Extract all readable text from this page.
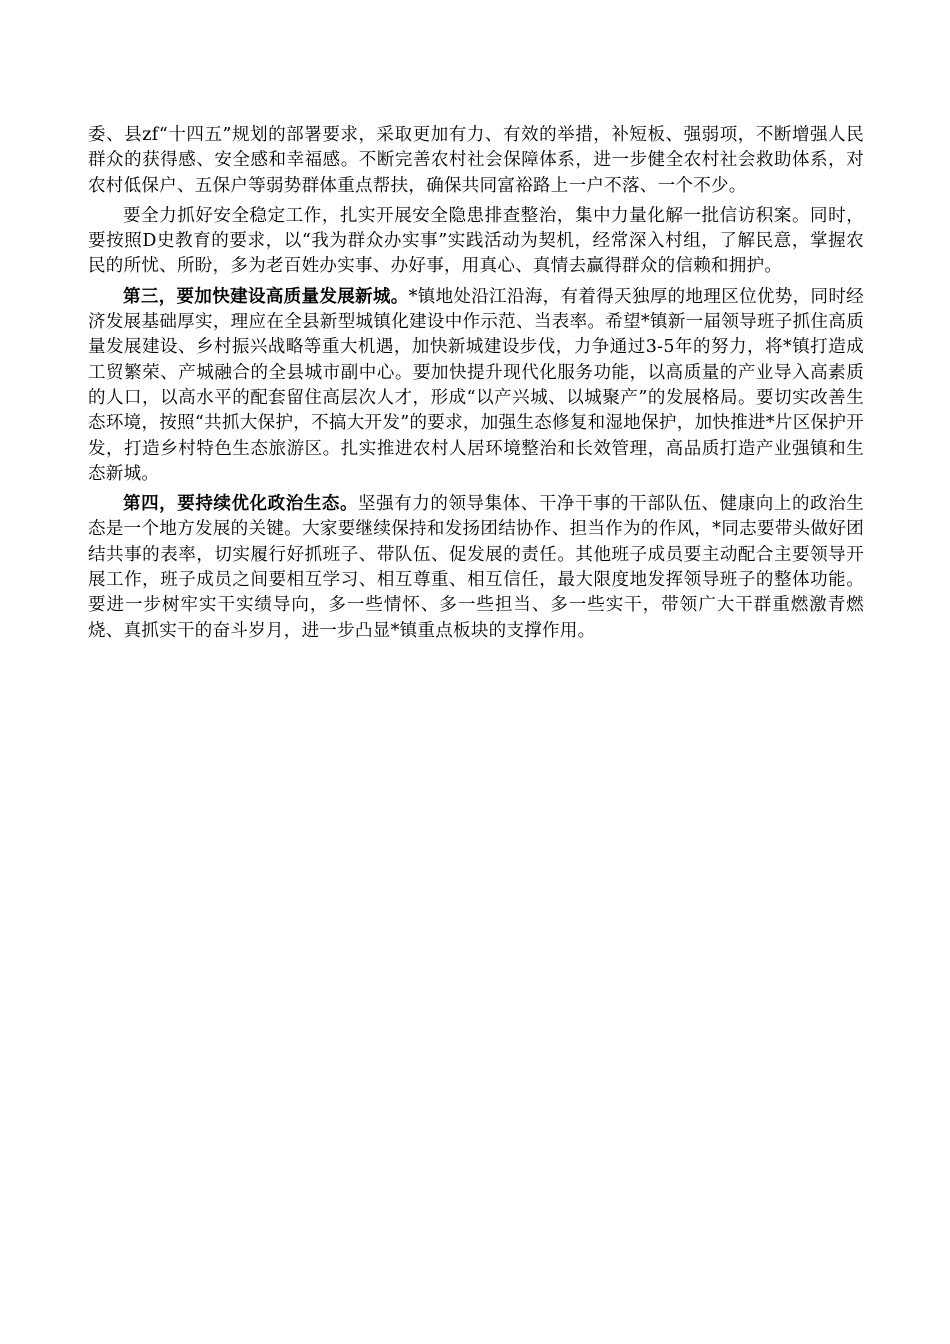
委、县zf“十四五”规划的部署要求，采取更加有力、有效的举措，补短板、强弱项，不断增强人民群众的获得感、安全感和幸福感。不断完善农村社会保障体系，进一步健全农村社会救助体系，对农村低保户、五保户等弱势群体重点帮扶，确保共同富裕路上一户不落、一个不少。

要全力抓好安全稳定工作，扎实开展安全隐患排查整治，集中力量化解一批信访积案。同时，要按照D史教育的要求，以“我为群众办实事”实践活动为契机，经常深入村组，了解民意，掌握农民的所忧、所盼，多为老百姓办实事、办好事，用真心、真情去赢得群众的信赖和拥护。

第三，要加快建设高质量发展新城。*镇地处沿江沿海，有着得天独厚的地理区位优势，同时经济发展基础厚实，理应在全县新型城镇化建设中作示范、当表率。希望*镇新一届领导班子抓住高质量发展建设、乡村振兴战略等重大机遇，加快新城建设步伐，力争通过3-5年的努力，将*镇打造成工贸繁荣、产城融合的全县城市副中心。要加快提升现代化服务功能，以高质量的产业导入高素质的人口，以高水平的配套留住高层次人才，形成“以产兴城、以城聚产”的发展格局。要切实改善生态环境，按照“共抓大保护，不搞大开发”的要求，加强生态修复和湿地保护，加快推进*片区保护开发，打造乡村特色生态旅游区。扎实推进农村人居环境整治和长效管理，高品质打造产业强镇和生态新城。

第四，要持续优化政治生态。坚强有力的领导集体、干净干事的干部队伍、健康向上的政治生态是一个地方发展的关键。大家要继续保持和发扬团结协作、担当作为的作风，*同志要带头做好团结共事的表率，切实履行好抓班子、带队伍、促发展的责任。其他班子成员要主动配合主要领导开展工作，班子成员之间要相互学习、相互尊重、相互信任，最大限度地发挥领导班子的整体功能。要进一步树牢实干实绩导向，多一些情怀、多一些担当、多一些实干，带领广大干群重燃激青燃烧、真抓实干的奋斗岁月，进一步凸显*镇重点板块的支撑作用。
